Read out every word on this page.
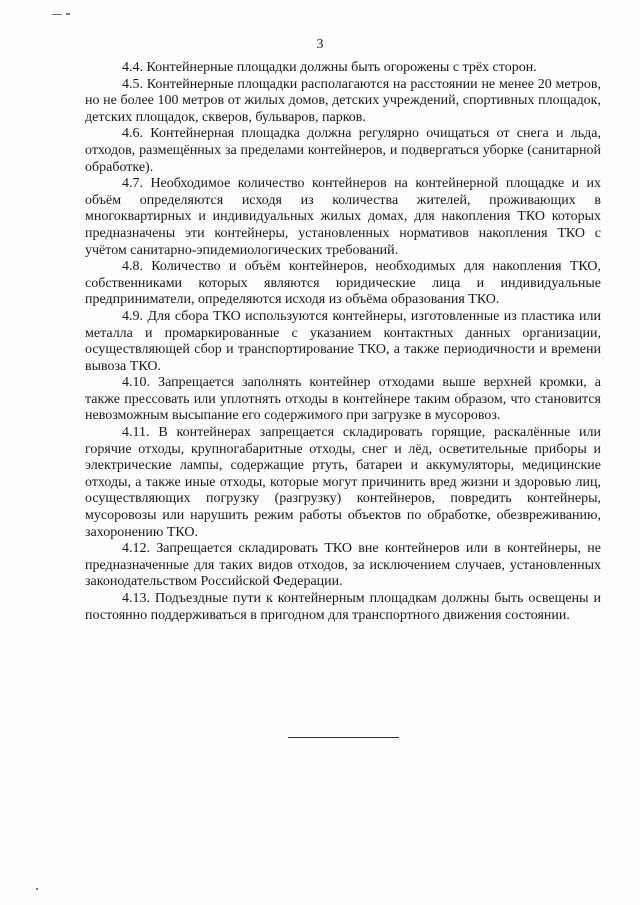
3

4.4. Контейнерные площадки должны быть огорожены с трёх сторон.

4.5. Контейнерные площадки располагаются на расстоянии не менее 20 метров, но не более 100 метров от жилых домов, детских учреждений, спортивных площадок, детских площадок, скверов, бульваров, парков.

4.6. Контейнерная площадка должна регулярно очищаться от снега и льда, отходов, размещённых за пределами контейнеров, и подвергаться уборке (санитарной обработке).

4.7. Необходимое количество контейнеров на контейнерной площадке и их объём определяются исходя из количества жителей, проживающих в многоквартирных и индивидуальных жилых домах, для накопления ТКО которых предназначены эти контейнеры, установленных нормативов накопления ТКО с учётом санитарно-эпидемиологических требований.

4.8. Количество и объём контейнеров, необходимых для накопления ТКО, собственниками которых являются юридические лица и индивидуальные предприниматели, определяются исходя из объёма образования ТКО.

4.9. Для сбора ТКО используются контейнеры, изготовленные из пластика или металла и промаркированные с указанием контактных данных организации, осуществляющей сбор и транспортирование ТКО, а также периодичности и времени вывоза ТКО.

4.10. Запрещается заполнять контейнер отходами выше верхней кромки, а также прессовать или уплотнять отходы в контейнере таким образом, что становится невозможным высыпание его содержимого при загрузке в мусоровоз.

4.11. В контейнерах запрещается складировать горящие, раскалённые или горячие отходы, крупногабаритные отходы, снег и лёд, осветительные приборы и электрические лампы, содержащие ртуть, батареи и аккумуляторы, медицинские отходы, а также иные отходы, которые могут причинить вред жизни и здоровью лиц, осуществляющих погрузку (разгрузку) контейнеров, повредить контейнеры, мусоровозы или нарушить режим работы объектов по обработке, обезвреживанию, захоронению ТКО.

4.12. Запрещается складировать ТКО вне контейнеров или в контейнеры, не предназначенные для таких видов отходов, за исключением случаев, установленных законодательством Российской Федерации.

4.13. Подъездные пути к контейнерным площадкам должны быть освещены и постоянно поддерживаться в пригодном для транспортного движения состоянии.
